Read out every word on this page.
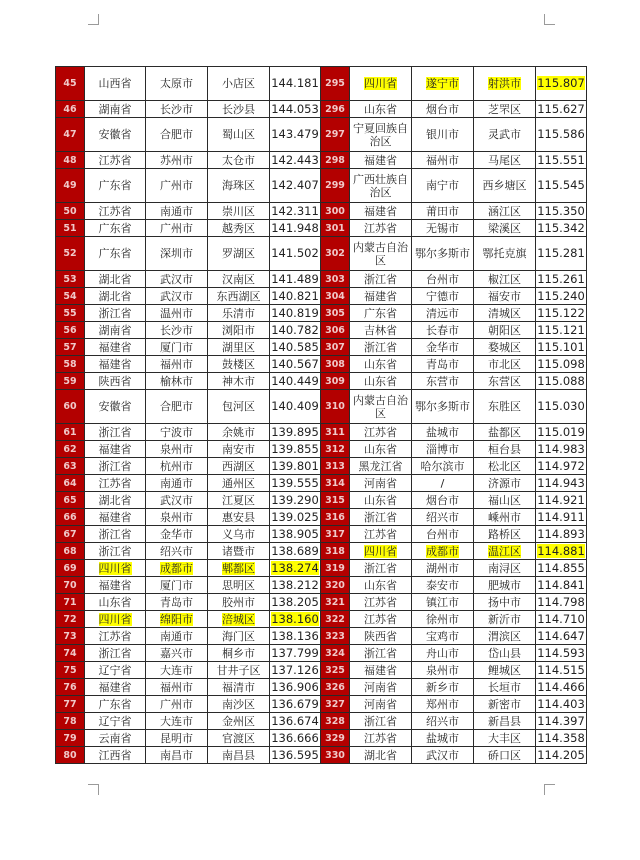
45	山西省	太原市	小店区	144.181	295	四川省	遂宁市	射洪市	115.807
46	湖南省	长沙市	长沙县	144.053	296	山东省	烟台市	芝罘区	115.627
47	安徽省	合肥市	蜀山区	143.479	297	宁夏回族自治区	银川市	灵武市	115.586
48	江苏省	苏州市	太仓市	142.443	298	福建省	福州市	马尾区	115.551
49	广东省	广州市	海珠区	142.407	299	广西壮族自治区	南宁市	西乡塘区	115.545
50	江苏省	南通市	崇川区	142.311	300	福建省	莆田市	涵江区	115.350
51	广东省	广州市	越秀区	141.948	301	江苏省	无锡市	梁溪区	115.342
52	广东省	深圳市	罗湖区	141.502	302	内蒙古自治区	鄂尔多斯市	鄂托克旗	115.281
53	湖北省	武汉市	汉南区	141.489	303	浙江省	台州市	椒江区	115.261
54	湖北省	武汉市	东西湖区	140.821	304	福建省	宁德市	福安市	115.240
55	浙江省	温州市	乐清市	140.819	305	广东省	清远市	清城区	115.122
56	湖南省	长沙市	浏阳市	140.782	306	吉林省	长春市	朝阳区	115.121
57	福建省	厦门市	湖里区	140.585	307	浙江省	金华市	婺城区	115.101
58	福建省	福州市	鼓楼区	140.567	308	山东省	青岛市	市北区	115.098
59	陕西省	榆林市	神木市	140.449	309	山东省	东营市	东营区	115.088
60	安徽省	合肥市	包河区	140.409	310	内蒙古自治区	鄂尔多斯市	东胜区	115.030
61	浙江省	宁波市	余姚市	139.895	311	江苏省	盐城市	盐都区	115.019
62	福建省	泉州市	南安市	139.855	312	山东省	淄博市	桓台县	114.983
63	浙江省	杭州市	西湖区	139.801	313	黑龙江省	哈尔滨市	松北区	114.972
64	江苏省	南通市	通州区	139.555	314	河南省	/	济源市	114.943
65	湖北省	武汉市	江夏区	139.290	315	山东省	烟台市	福山区	114.921
66	福建省	泉州市	惠安县	139.025	316	浙江省	绍兴市	嵊州市	114.911
67	浙江省	金华市	义乌市	138.905	317	江苏省	台州市	路桥区	114.893
68	浙江省	绍兴市	诸暨市	138.689	318	四川省	成都市	温江区	114.881
69	四川省	成都市	郫都区	138.274	319	浙江省	湖州市	南浔区	114.855
70	福建省	厦门市	思明区	138.212	320	山东省	泰安市	肥城市	114.841
71	山东省	青岛市	胶州市	138.205	321	江苏省	镇江市	扬中市	114.798
72	四川省	绵阳市	涪城区	138.160	322	江苏省	徐州市	新沂市	114.710
73	江苏省	南通市	海门区	138.136	323	陕西省	宝鸡市	渭滨区	114.647
74	浙江省	嘉兴市	桐乡市	137.799	324	浙江省	舟山市	岱山县	114.593
75	辽宁省	大连市	甘井子区	137.126	325	福建省	泉州市	鲤城区	114.515
76	福建省	福州市	福清市	136.906	326	河南省	新乡市	长垣市	114.466
77	广东省	广州市	南沙区	136.679	327	河南省	郑州市	新密市	114.403
78	辽宁省	大连市	金州区	136.674	328	浙江省	绍兴市	新昌县	114.397
79	云南省	昆明市	官渡区	136.666	329	江苏省	盐城市	大丰区	114.358
80	江西省	南昌市	南昌县	136.595	330	湖北省	武汉市	硚口区	114.205
